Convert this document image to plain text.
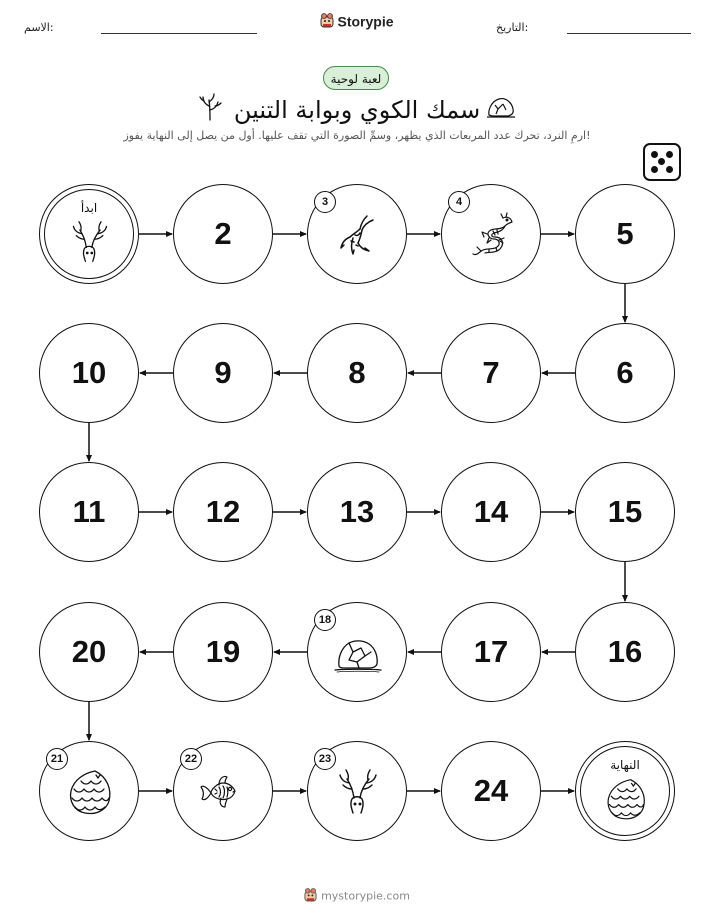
الاسم:	Storypie	التاريخ:
لعبة لوحية
سمك الكوي وبوابة التنين
ارمِ النرد، تحرك عدد المربعات الذي يظهر، وسمِّ الصورة التي تقف عليها. أول من يصل إلى النهاية يفوز!
ابدأ
2
3	4
5
6
7
8
9
10
11	12	13	14	15
16
17
18
19
20
21	22	23
24
النهاية
mystorypie.com
